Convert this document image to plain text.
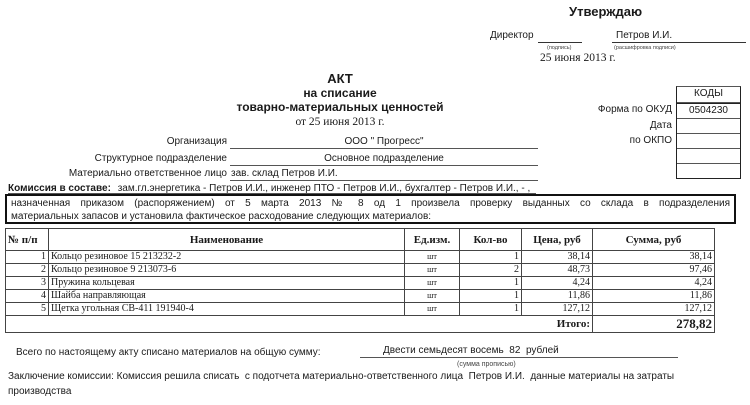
Утверждаю
Директор
(подпись)
Петров И.И.
(расшифровка подписи)
25 июня 2013 г.
АКТ
на списание
товарно-материальных ценностей
от 25 июня 2013 г.
Форма по ОКУД
Дата
по ОКПО
КОДЫ
0504230
Организация	ООО " Прогресс"
Структурное подразделение	Основное подразделение
Материально ответственное лицо зав. склад Петров И.И.
Комиссия в составе: зам.гл.энергетика - Петров И.И., инженер ПТО - Петров И.И., бухгалтер - Петров И.И., - ,
назначенная приказом (распоряжением) от 5 марта 2013 № 8 од 1 произвела проверку выданных со склада в подразделения
материальных запасов и установила фактическое расходование следующих материалов:
№ п/п	Наименование	Ед.изм.	Кол-во	Цена, руб	Сумма, руб
1	Кольцо резиновое 15 213232-2	шт	1	38,14	38,14
2	Кольцо резиновое 9 213073-6	шт	2	48,73	97,46
3	Пружина кольцевая	шт	1	4,24	4,24
4	Шайба направляющая	шт	1	11,86	11,86
5	Щетка угольная СВ-411 191940-4	шт	1	127,12	127,12
				Итого:	278,82
Всего по настоящему акту списано материалов на общую сумму:	Двести семьдесят восемь  82  рублей
(сумма прописью)
Заключение комиссии: Комиссия решила списать  с подотчета материально-ответственного лица  Петров И.И.  данные материалы на затраты
производства
